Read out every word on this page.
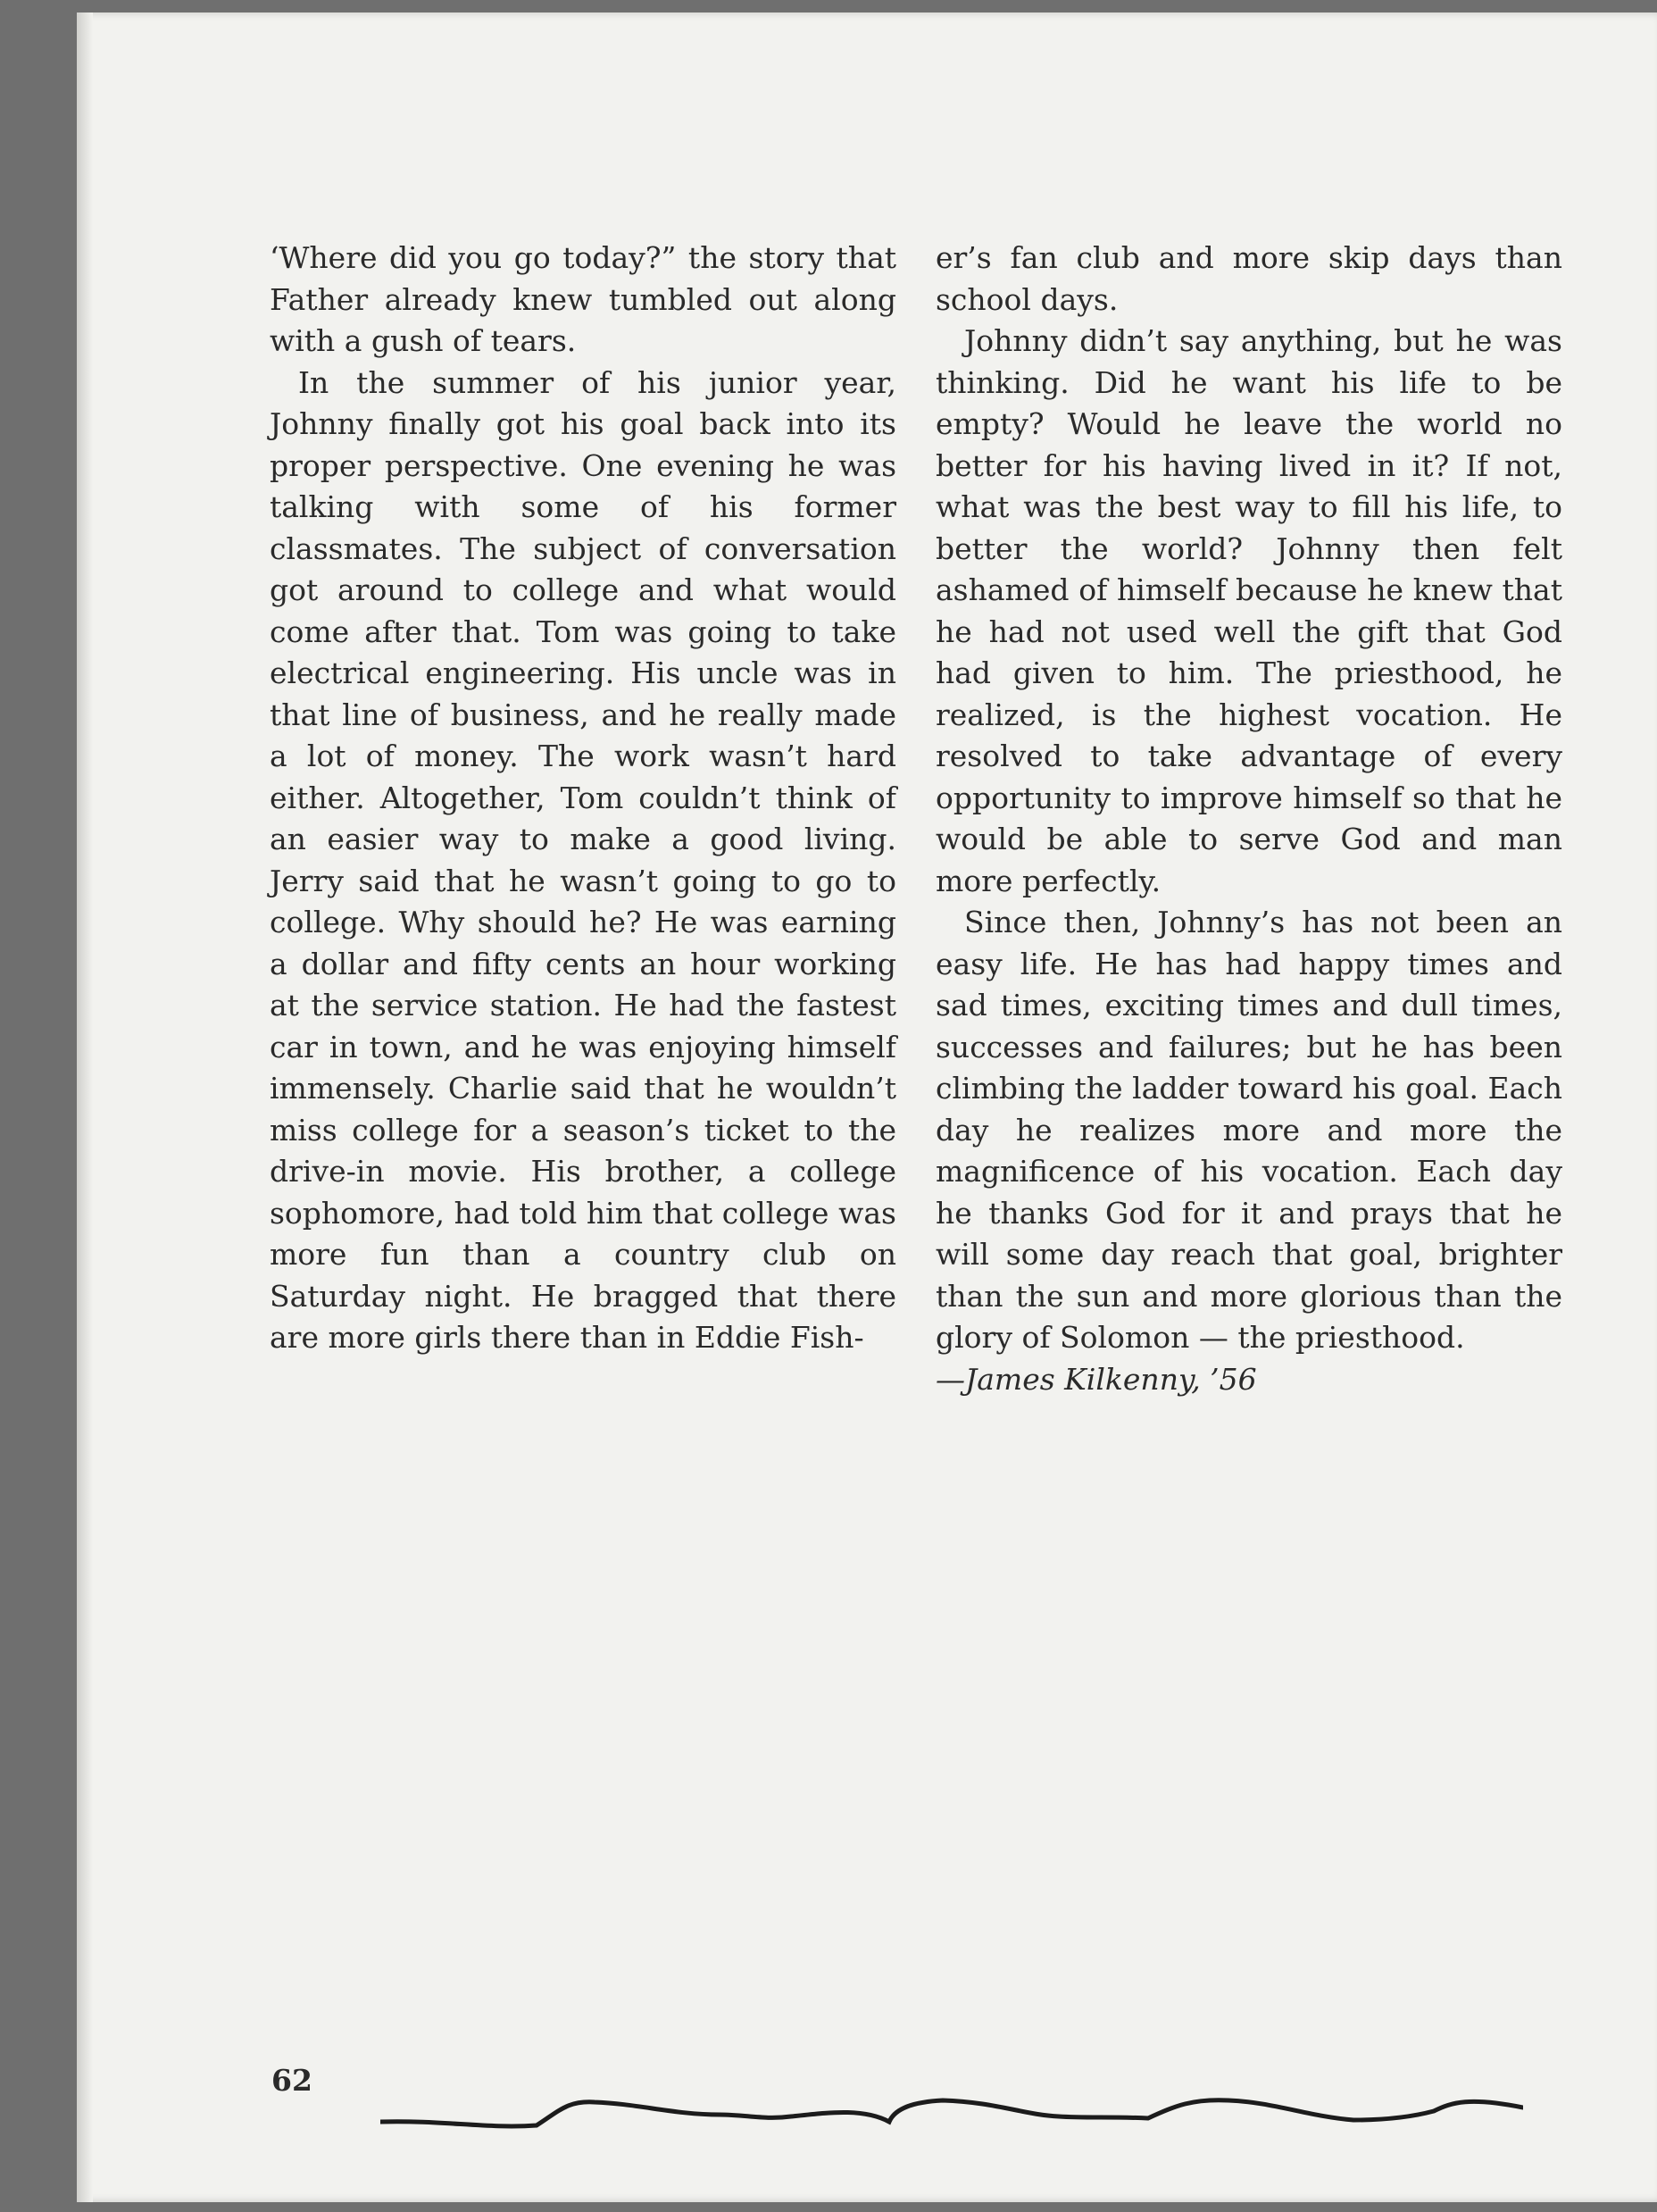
‘Where did you go today?” the story that Father already knew tumbled out along with a gush of tears.

In the summer of his junior year, Johnny finally got his goal back into its proper perspective. One evening he was talking with some of his former classmates. The subject of conversation got around to college and what would come after that. Tom was going to take electrical engineering. His uncle was in that line of business, and he really made a lot of money. The work wasn’t hard either. Altogether, Tom couldn’t think of an easier way to make a good living. Jerry said that he wasn’t going to go to college. Why should he? He was earning a dollar and fifty cents an hour working at the service station. He had the fastest car in town, and he was enjoying himself immensely. Charlie said that he wouldn’t miss college for a season’s ticket to the drive-in movie. His brother, a college sophomore, had told him that college was more fun than a country club on Saturday night. He bragged that there are more girls there than in Eddie Fish-

er’s fan club and more skip days than school days.

Johnny didn’t say anything, but he was thinking. Did he want his life to be empty? Would he leave the world no better for his having lived in it? If not, what was the best way to fill his life, to better the world? Johnny then felt ashamed of himself because he knew that he had not used well the gift that God had given to him. The priesthood, he realized, is the highest vocation. He resolved to take advantage of every opportunity to improve himself so that he would be able to serve God and man more perfectly.

Since then, Johnny’s has not been an easy life. He has had happy times and sad times, exciting times and dull times, successes and failures; but he has been climbing the ladder toward his goal. Each day he realizes more and more the magnificence of his vocation. Each day he thanks God for it and prays that he will some day reach that goal, brighter than the sun and more glorious than the glory of Solomon — the priesthood.

—James Kilkenny, ’56

62
